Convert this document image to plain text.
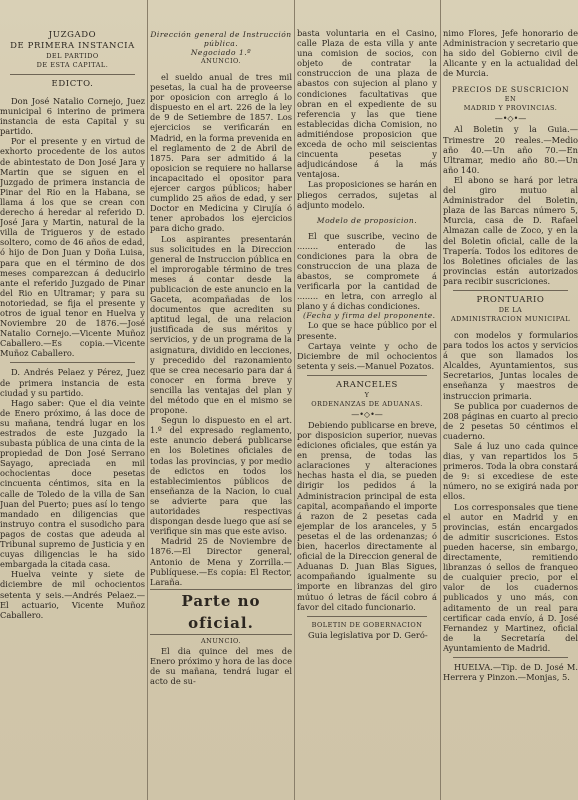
JUZGADO
DE PRIMERA INSTANCIA
DEL PARTIDO
DE ESTA CAPITAL.
EDICTO.

Don José Natalio Cornejo, Juez municipal 6 interino de primera instancia de esta Capital y su partido.

Por el presente y en virtud de exhorto procedente de los autos de abintestato de Don José Jara y Martin que se siguen en el Juzgado de primera instancia de Pinar del Rio en la Habana, se llama á los que se crean con derecho á heredar al referido D. José Jara y Martin, natural de la villa de Trigueros y de estado soltero, como de 46 años de edad, ó hijo de Don Juan y Doña Luisa, para que en el término de dos meses comparezcan á deducirlo ante el referido Juzgado de Pinar del Rio en Ultramar; y para su notoriedad, se fija el presente y otros de igual tenor en Huelva y Noviembre 20 de 1876.—José Natalio Cornejo.—Vicente Muñoz Caballero.—Es copia.—Vicente Muñoz Caballero.

D. Andrés Pelaez y Pérez, Juez de primera instancia de esta ciudad y su partido.

Hago saber: Que el dia veinte de Enero próximo, á las doce de su mañana, tendrá lugar en los estrados de este Juzgado la subasta pública de una cinta de la propiedad de Don José Serrano Sayago, apreciada en mil ochocientas doce pesetas cincuenta céntimos, sita en la calle de Toledo de la villa de San Juan del Puerto; pues así lo tengo mandado en diligencias que instruyo contra el susodicho para pagos de costas que adeuda al Tribunal supremo de Justicia y en cuyas diligencias le ha sido embargada la citada casa.

Huelva veinte y siete de diciembre de mil ochocientos setenta y seis.—Andrés Pelaez.—El actuario, Vicente Muñoz Caballero.

Dirección general de Instrucción
pública.
Negociado 1.º
ANUNCIO.

el sueldo anual de tres mil pesetas, la cual ha de proveerse por oposicion con arreglo á lo dispuesto en el art. 226 de la ley de 9 de Setiembre de 1857. Los ejercicios se verificarán en Madrid, en la forma prevenida en el reglamento de 2 de Abril de 1875. Para ser admitido á la oposicion se requiere no hallarse incapacitado el opositor para ejercer cargos públicos; haber cumplido 25 años de edad, y ser Doctor en Medicina y Cirujía ó tener aprobados los ejercicios para dicho grado.

Los aspirantes presentarán sus solicitudes en la Direccion general de Instruccion pública en el improrogable término de tres meses á contar desde la publicacion de este anuncio en la Gaceta, acompañadas de los documentos que acrediten su aptitud legal, de una relacion justificada de sus méritos y servicios, y de un programa de la asignatura, dividido en lecciones, y precedido del razonamiento que se crea necesario para dar á conocer en forma breve y sencilla las ventajas del plan y del método que en el mismo se propone.

Segun lo dispuesto en el art. 1.º del expresado reglamento, este anuncio deberá publicarse en los Boletines oficiales de todas las provincias, y por medio de edictos en todos los establecimientos públicos de enseñanza de la Nacion, lo cual se advierte para que las autoridades respectivas dispongan desde luego que así se verifique sin mas que este aviso.

Madrid 25 de Noviembre de 1876.—El Director general, Antonio de Mena y Zorrilla.—Publíquese.—Es copia: El Rector, Laraña.

Parte no oficial.
ANUNCIO.

El dia quince del mes de Enero próximo y hora de las doce de su mañana, tendrá lugar el acto de su-

basta voluntaria en el Casino, calle Plaza de esta villa y ante una comision de socios, con objeto de contratar la construccion de una plaza de abastos con sujecion al plano y condiciones facultativas que obran en el expediente de su referencia y las que tiene establecidas dicha Comision, no admitiéndose proposicion que exceda de ocho mil seiscientas cincuenta pesetas y adjudicándose á la más ventajosa.

Las proposiciones se harán en pliegos cerrados, sujetas al adjunto modelo.

Modelo de proposicion.

El que suscribe, vecino de ........ enterado de las condiciones para la obra de construccion de una plaza de abastos, se compromete á verificarla por la cantidad de ........ en letra, con arreglo al plano y á dichas condiciones.

(Fecha y firma del proponente.

Lo que se hace público por el presente.

Cartaya veinte y ocho de Diciembre de mil ochocientos setenta y seis.—Manuel Pozatos.

ARANCELES
Y
ORDENANZAS DE ADUANAS.
—•◇•—

Debiendo publicarse en breve, por disposicion superior, nuevas ediciones oficiales, que están ya en prensa, de todas las aclaraciones y alteraciones hechas hasta el dia, se pueden dirigir los pedidos á la Administracion principal de esta capital, acompañando el importe á razon de 2 pesetas cada ejemplar de los aranceles, y 5 pesetas el de las ordenanzas; ó bien, hacerlos directamente al oficial de la Direccion general de Aduanas D. Juan Blas Sigues, acompañando igualmente su importe en libranzas del giro mútuo ó letras de fácil cobro á favor del citado funcionario.

BOLETIN DE GOBERNACION

Guia legislativa por D. Geró-

nimo Flores, Jefe honorario de Administracion y secretario que ha sido del Gobierno civil de Alicante y en la actualidad del de Murcia.

PRECIOS DE SUSCRICION
EN
MADRID Y PROVINCIAS.
—•◇•—

Al Boletin y la Guia.—Trimestre 20 reales.—Medio año 40.—Un año 70.—En Ultramar, medio año 80.—Un año 140.

El abono se hará por letra del giro mutuo al Administrador del Boletin, plaza de las Barcas número 5, Murcia, casa de D. Rafael Almazan calle de Zoco, y en la del Boletin oficial, calle de la Trapería. Todos los editores de los Boletines oficiales de las provincias están autorizados para recibir suscriciones.

PRONTUARIO
DE LA
ADMINISTRACION MUNICIPAL

con modelos y formularios para todos los actos y servicios á que son llamados los Alcaldes, Ayuntamientos, sus Secretarios, Juntas locales de enseñanza y maestros de instruccion primaria.

Se publica por cuadernos de 208 páginas en cuarto al precio de 2 pesetas 50 céntimos el cuaderno.

Sale á luz uno cada quince dias, y van repartidos los 5 primeros. Toda la obra constará de 9: si excediese de este número, no se exigirá nada por ellos.

Los corresponsales que tiene el autor en Madrid y en provincias, están encargados de admitir suscriciones. Estos pueden hacerse, sin embargo, directamente, remitiendo libranzas ó sellos de franqueo de cualquier precio, por el valor de los cuadernos publicados y uno más, con aditamento de un real para certificar cada envío, á D. José Fernandez y Martinez, oficial de la Secretaría del Ayuntamiento de Madrid.

HUELVA.—Tip. de D. José M. Herrera y Pinzon.—Monjas, 5.
